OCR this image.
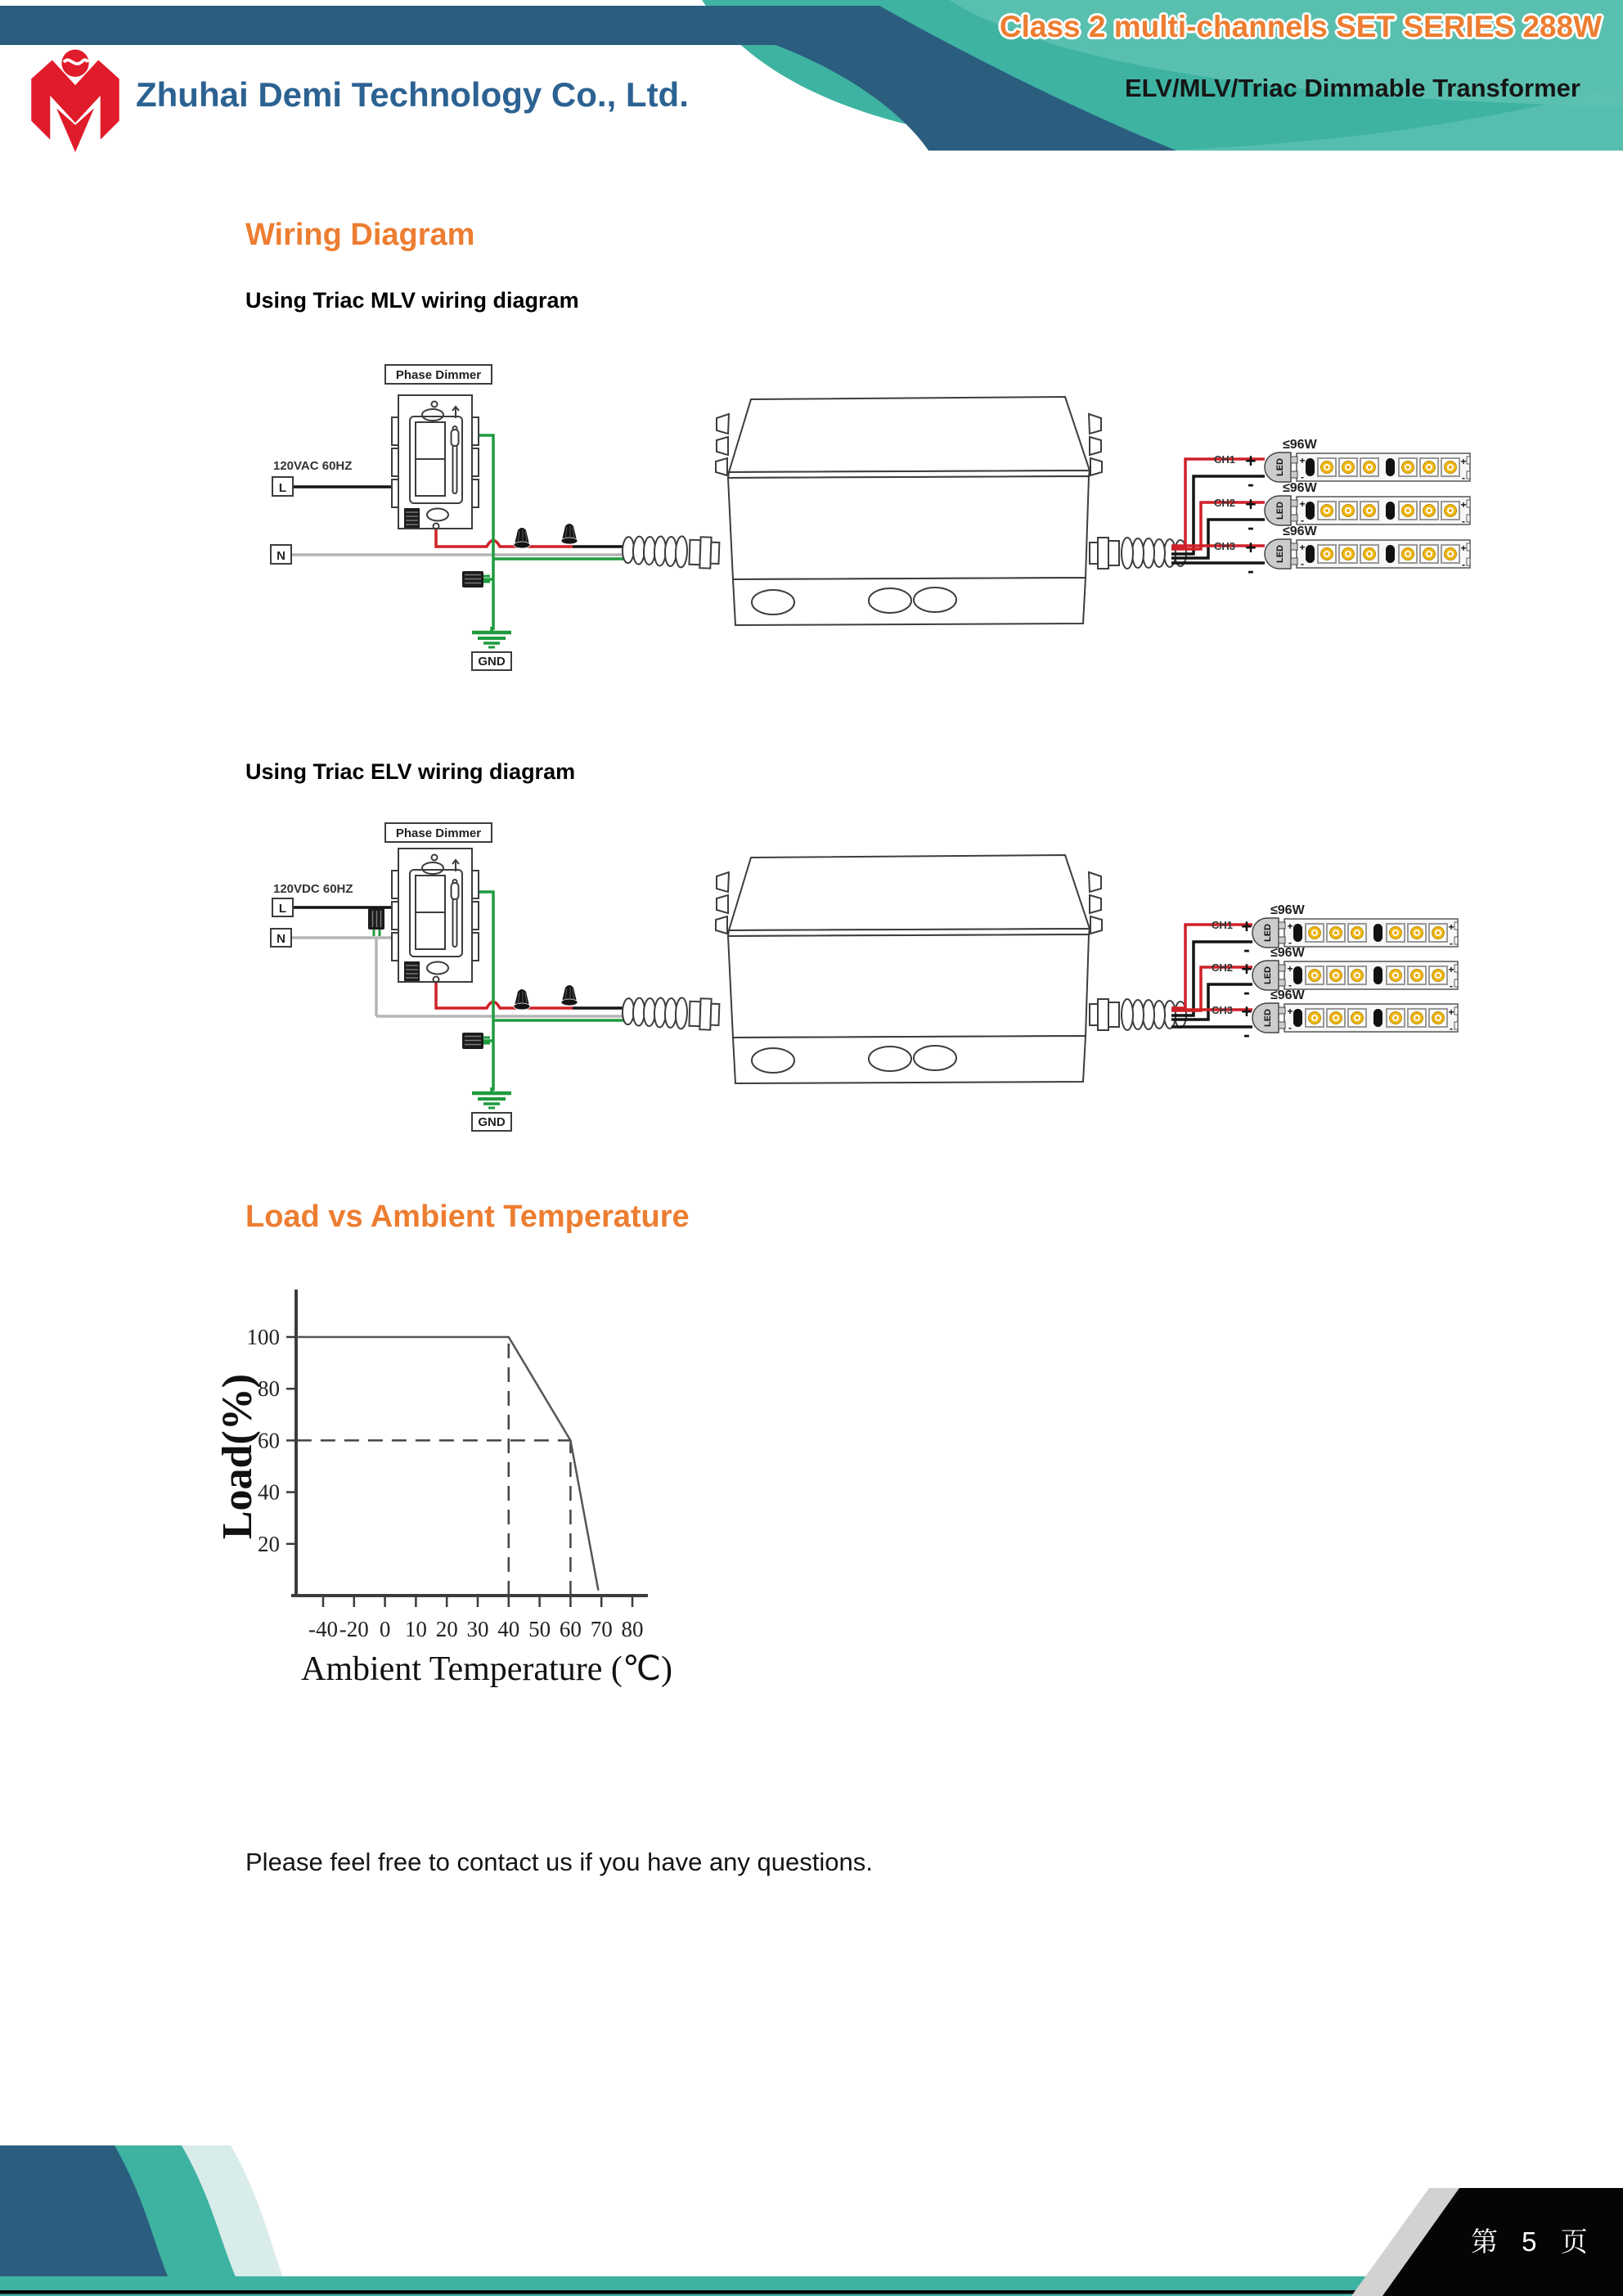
GND
Phase Dimmer
120VAC 60HZ
L
N
CH1
CH2
CH3
+
-
+
-
+
-
≤96W
≤96W
≤96W
GND
Phase Dimmer
120VDC 60HZ
L
N
CH1
CH2
CH3
+
-
+
-
+
-
≤96W
≤96W
≤96W
20
40
60
80
100
-40 -20 0 10 20 30 40 50 60 70 80
Ambient Temperature (℃)
Load(%)
Zhuhai Demi Technology Co., Ltd.
Class 2 multi-channels SET SERIES 288W
ELV/MLV/Triac Dimmable Transformer
Wiring Diagram
Using Triac MLV wiring diagram
Using Triac ELV wiring diagram
Load vs Ambient Temperature
Please feel free to contact us if you have any questions.
第 5 页
